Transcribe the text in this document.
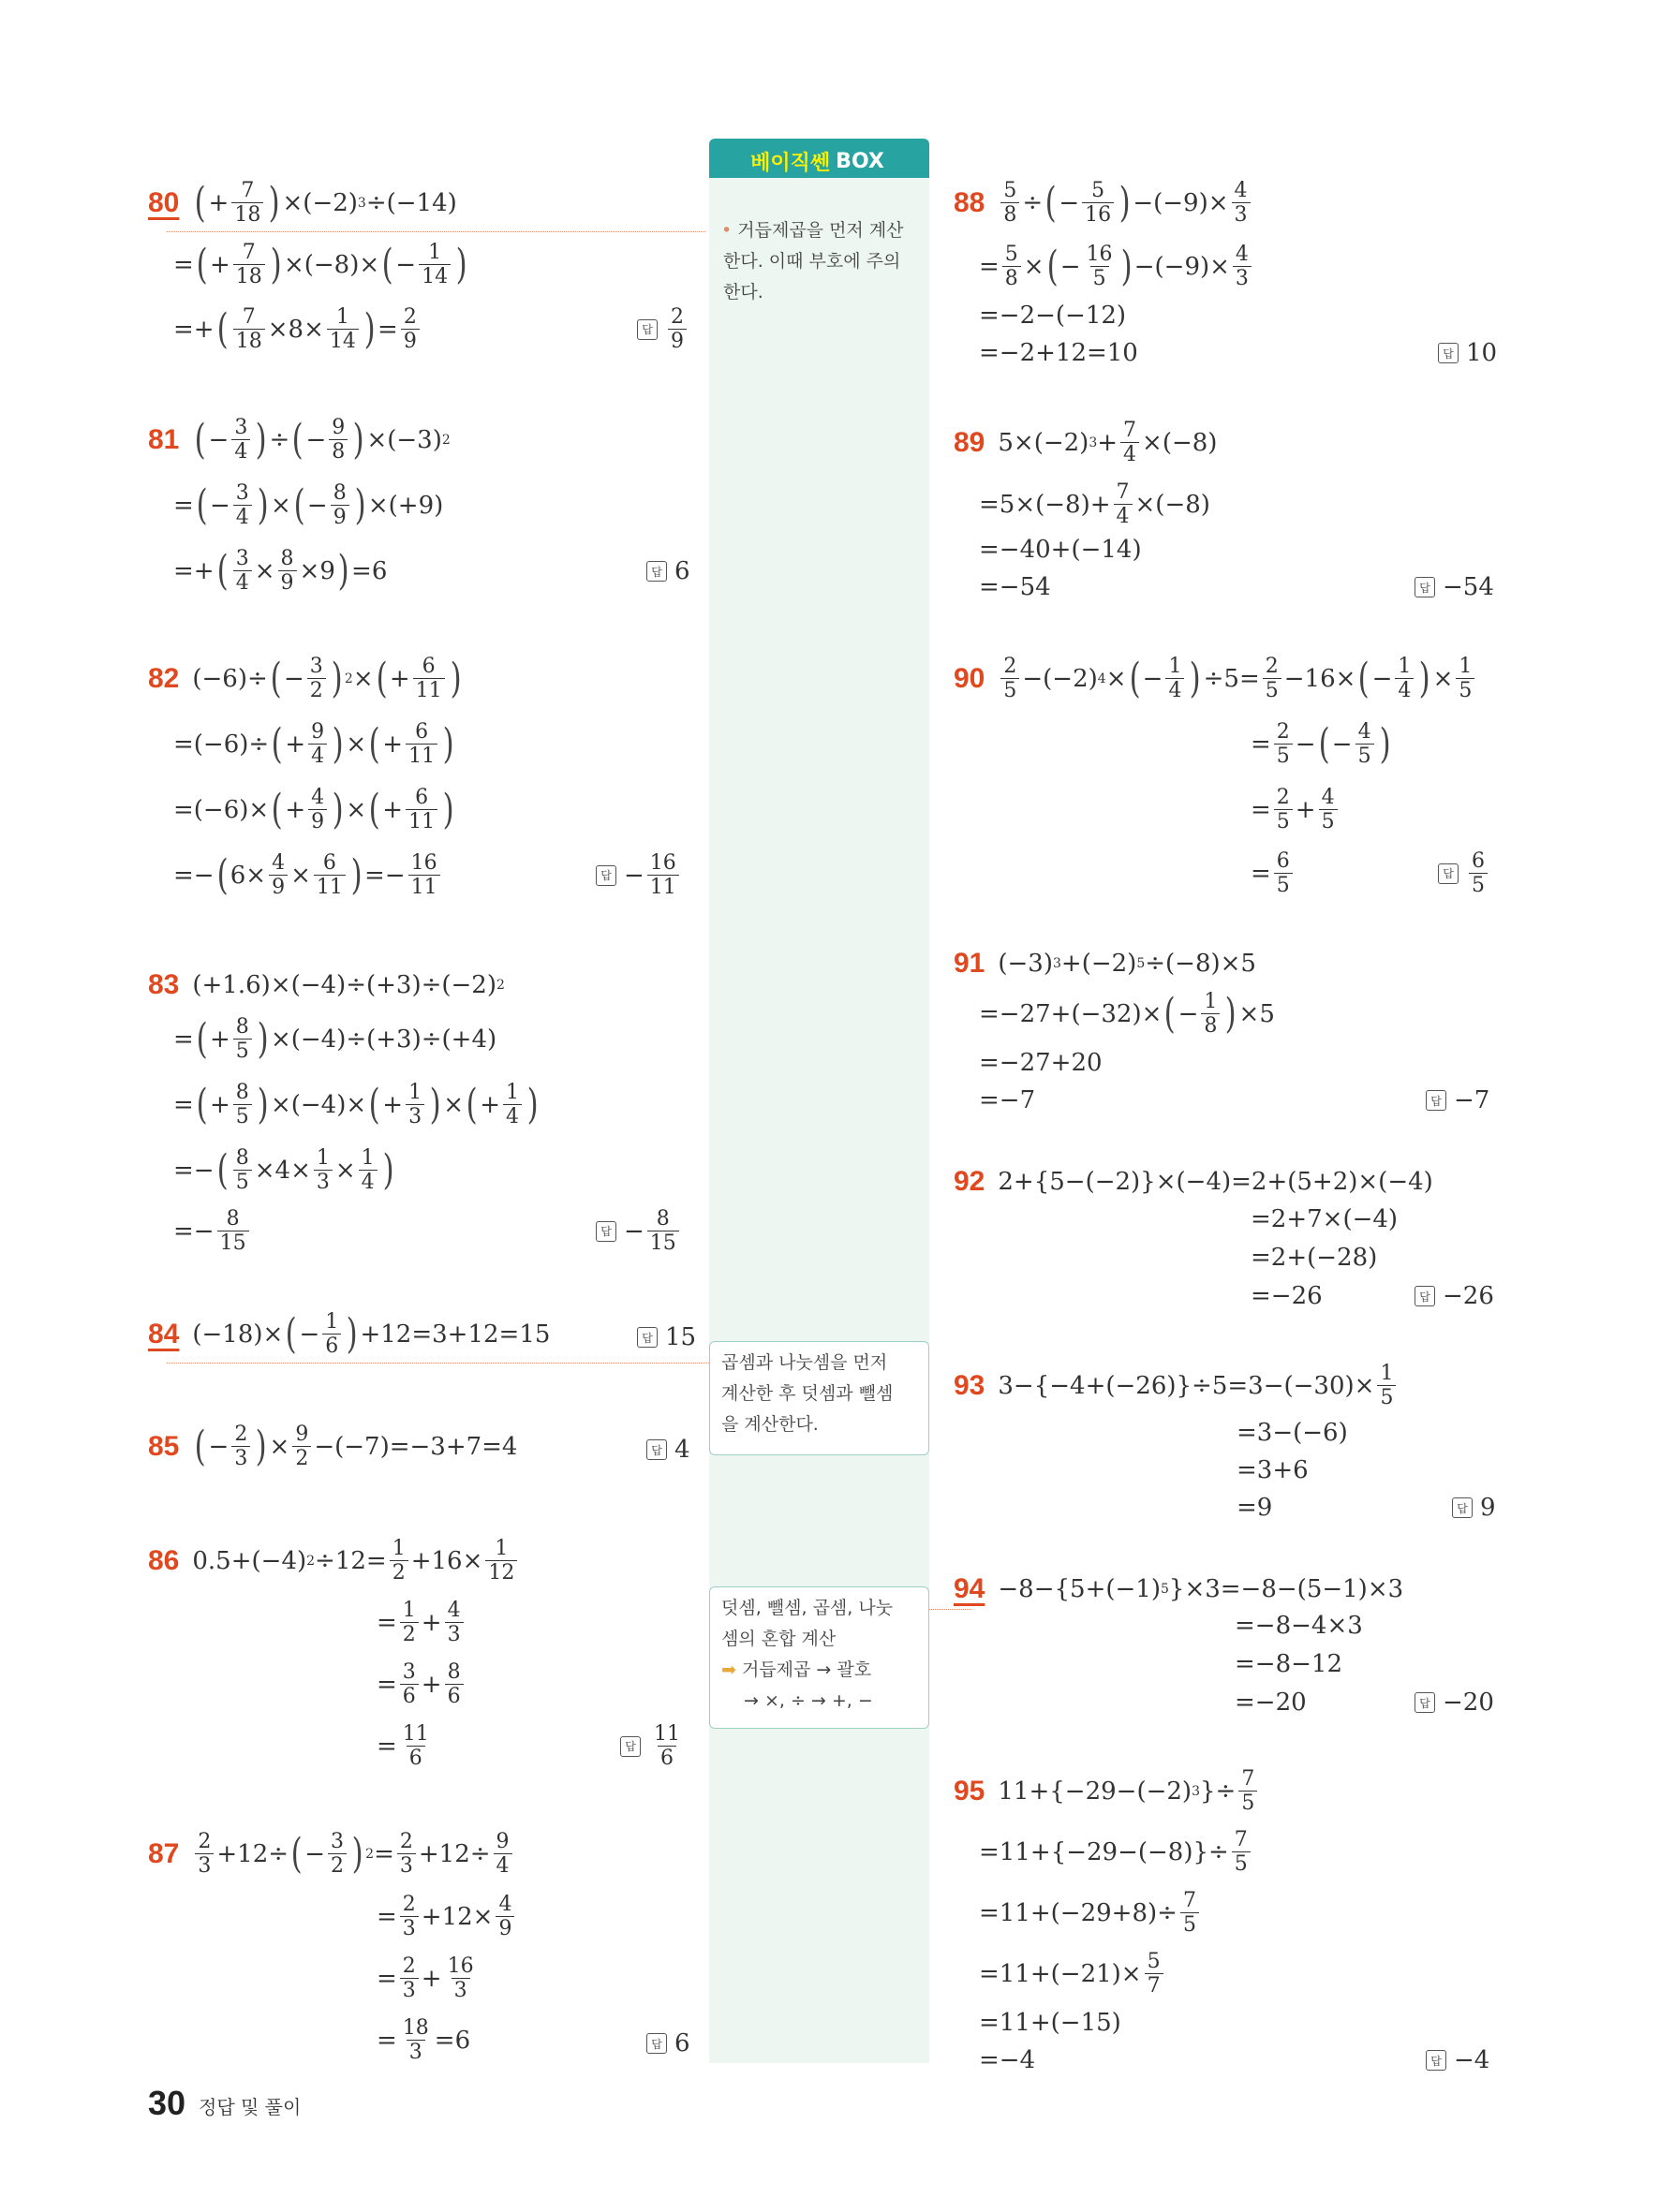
베이직쎈 BOX
• 거듭제곱을 먼저 계산
한다. 이때 부호에 주의
한다.
곱셈과 나눗셈을 먼저
계산한 후 덧셈과 뺄셈
을 계산한다.
덧셈, 뺄셈, 곱셈, 나눗
셈의 혼합 계산
➡ 거듭제곱 → 괄호
→ ×, ÷ → +, −
80 ( + $\frac{7}{18}$ ) ×(−2) 3 ÷(−14)
= ( + $\frac{7}{18}$ ) ×(−8)× ( − $\frac{1}{14}$ )
=+ ( $\frac{7}{18} \times 8\times \frac{1}{14}$ ) = $\frac{2}{9}$	답 $\frac{2}{9}$
81 ( − $\frac{3}{4}$ ) ÷ ( − $\frac{9}{8}$ ) ×(−3) 2
= ( − $\frac{3}{4}$ ) × ( − $\frac{8}{9}$ ) ×(+9)
=+ ( $\frac{3}{4} \times \frac{8}{9} \times 9$ ) =6	답 6
82 (−6)÷ ( − $\frac{3}{2}$ ) 2 × ( + $\frac{6}{11}$ )
=(−6)÷ ( + $\frac{9}{4}$ ) × ( + $\frac{6}{11}$ )
=(−6)× ( + $\frac{4}{9}$ ) × ( + $\frac{6}{11}$ )
=− ( $6\times \frac{4}{9} \times \frac{6}{11}$ ) =− $\frac{16}{11}$	답 − $\frac{16}{11}$
83 (+1.6)×(−4)÷(+3)÷(−2) 2
= ( + $\frac{8}{5}$ ) ×(−4)÷(+3)÷(+4)
= ( + $\frac{8}{5}$ ) ×(−4)× ( + $\frac{1}{3}$ ) × ( + $\frac{1}{4}$ )
=− ( $\frac{8}{5} \times 4\times \frac{1}{3} \times \frac{1}{4}$ )
=− $\frac{8}{15}$	답 − $\frac{8}{15}$
84 (−18)× ( − $\frac{1}{6}$ ) +12=3+12=15	답 15
85 ( − $\frac{2}{3}$ ) × $\frac{9}{2} -(-7)=-3+7=4$	답 4
86 0.5+(−4) $2 \div 12= \frac{1}{2} +16\times \frac{1}{12}$
= $\frac{1}{2} + \frac{4}{3}$
= $\frac{3}{6} + \frac{8}{6}$
= $\frac{11}{6}$	답 $\frac{11}{6}$
$87 \frac{2}{3} +12\div$ ( − $\frac{3}{2}$ ) $2 = \frac{2}{3} +12\div \frac{9}{4}$
= $\frac{2}{3} +12\times \frac{4}{9}$
= $\frac{2}{3} + \frac{16}{3}$
= $\frac{18}{3} =6$	답 6
$88 \frac{5}{8}$ ÷ ( − $\frac{5}{16}$ ) $-(-9)\times \frac{4}{3}$
= $\frac{5}{8}$ × ( − $\frac{16}{5}$ ) $-(-9)\times \frac{4}{3}$
=−2−(−12)
=−2+12=10	답 10
89 5×(−2) $3 + \frac{7}{4} \times(-8)$
$=5\times(-8)+ \frac{7}{4} \times(-8)$
=−40+(−14)
=−54	답 −54
$90 \frac{2}{5} -(-2) 4$ × ( − $\frac{1}{4}$ ) $\div 5= \frac{2}{5} -16\times$ ( − $\frac{1}{4}$ ) × $\frac{1}{5}$
= $\frac{2}{5}$ − ( − $\frac{4}{5}$ )
= $\frac{2}{5} + \frac{4}{5}$
= $\frac{6}{5}$	답 $\frac{6}{5}$
91 (−3) 3 +(−2) 5 ÷(−8)×5
=−27+(−32)× ( − $\frac{1}{8}$ ) ×5
=−27+20
=−7	답 −7
92 2+{5−(−2)}×(−4)=2+(5+2)×(−4)
=2+7×(−4)
=2+(−28)
=−26	답 −26
93 $3-\{-4+(-26)\}\div 5=3-(-30)\times \frac{1}{5}$
=3−(−6)
=3+6
=9	답 9
94 −8−{5+(−1) 5 }×3=−8−(5−1)×3
=−8−4×3
=−8−12
=−20	답 −20
95 11+{−29−(−2) 3 }÷ $\frac{7}{5}$
$=11+\{-29-(-8)\}\div \frac{7}{5}$
$=11+(-29+8)\div \frac{7}{5}$
$=11+(-21)\times \frac{5}{7}$
=11+(−15)
=−4	답 −4
30 정답 및 풀이
